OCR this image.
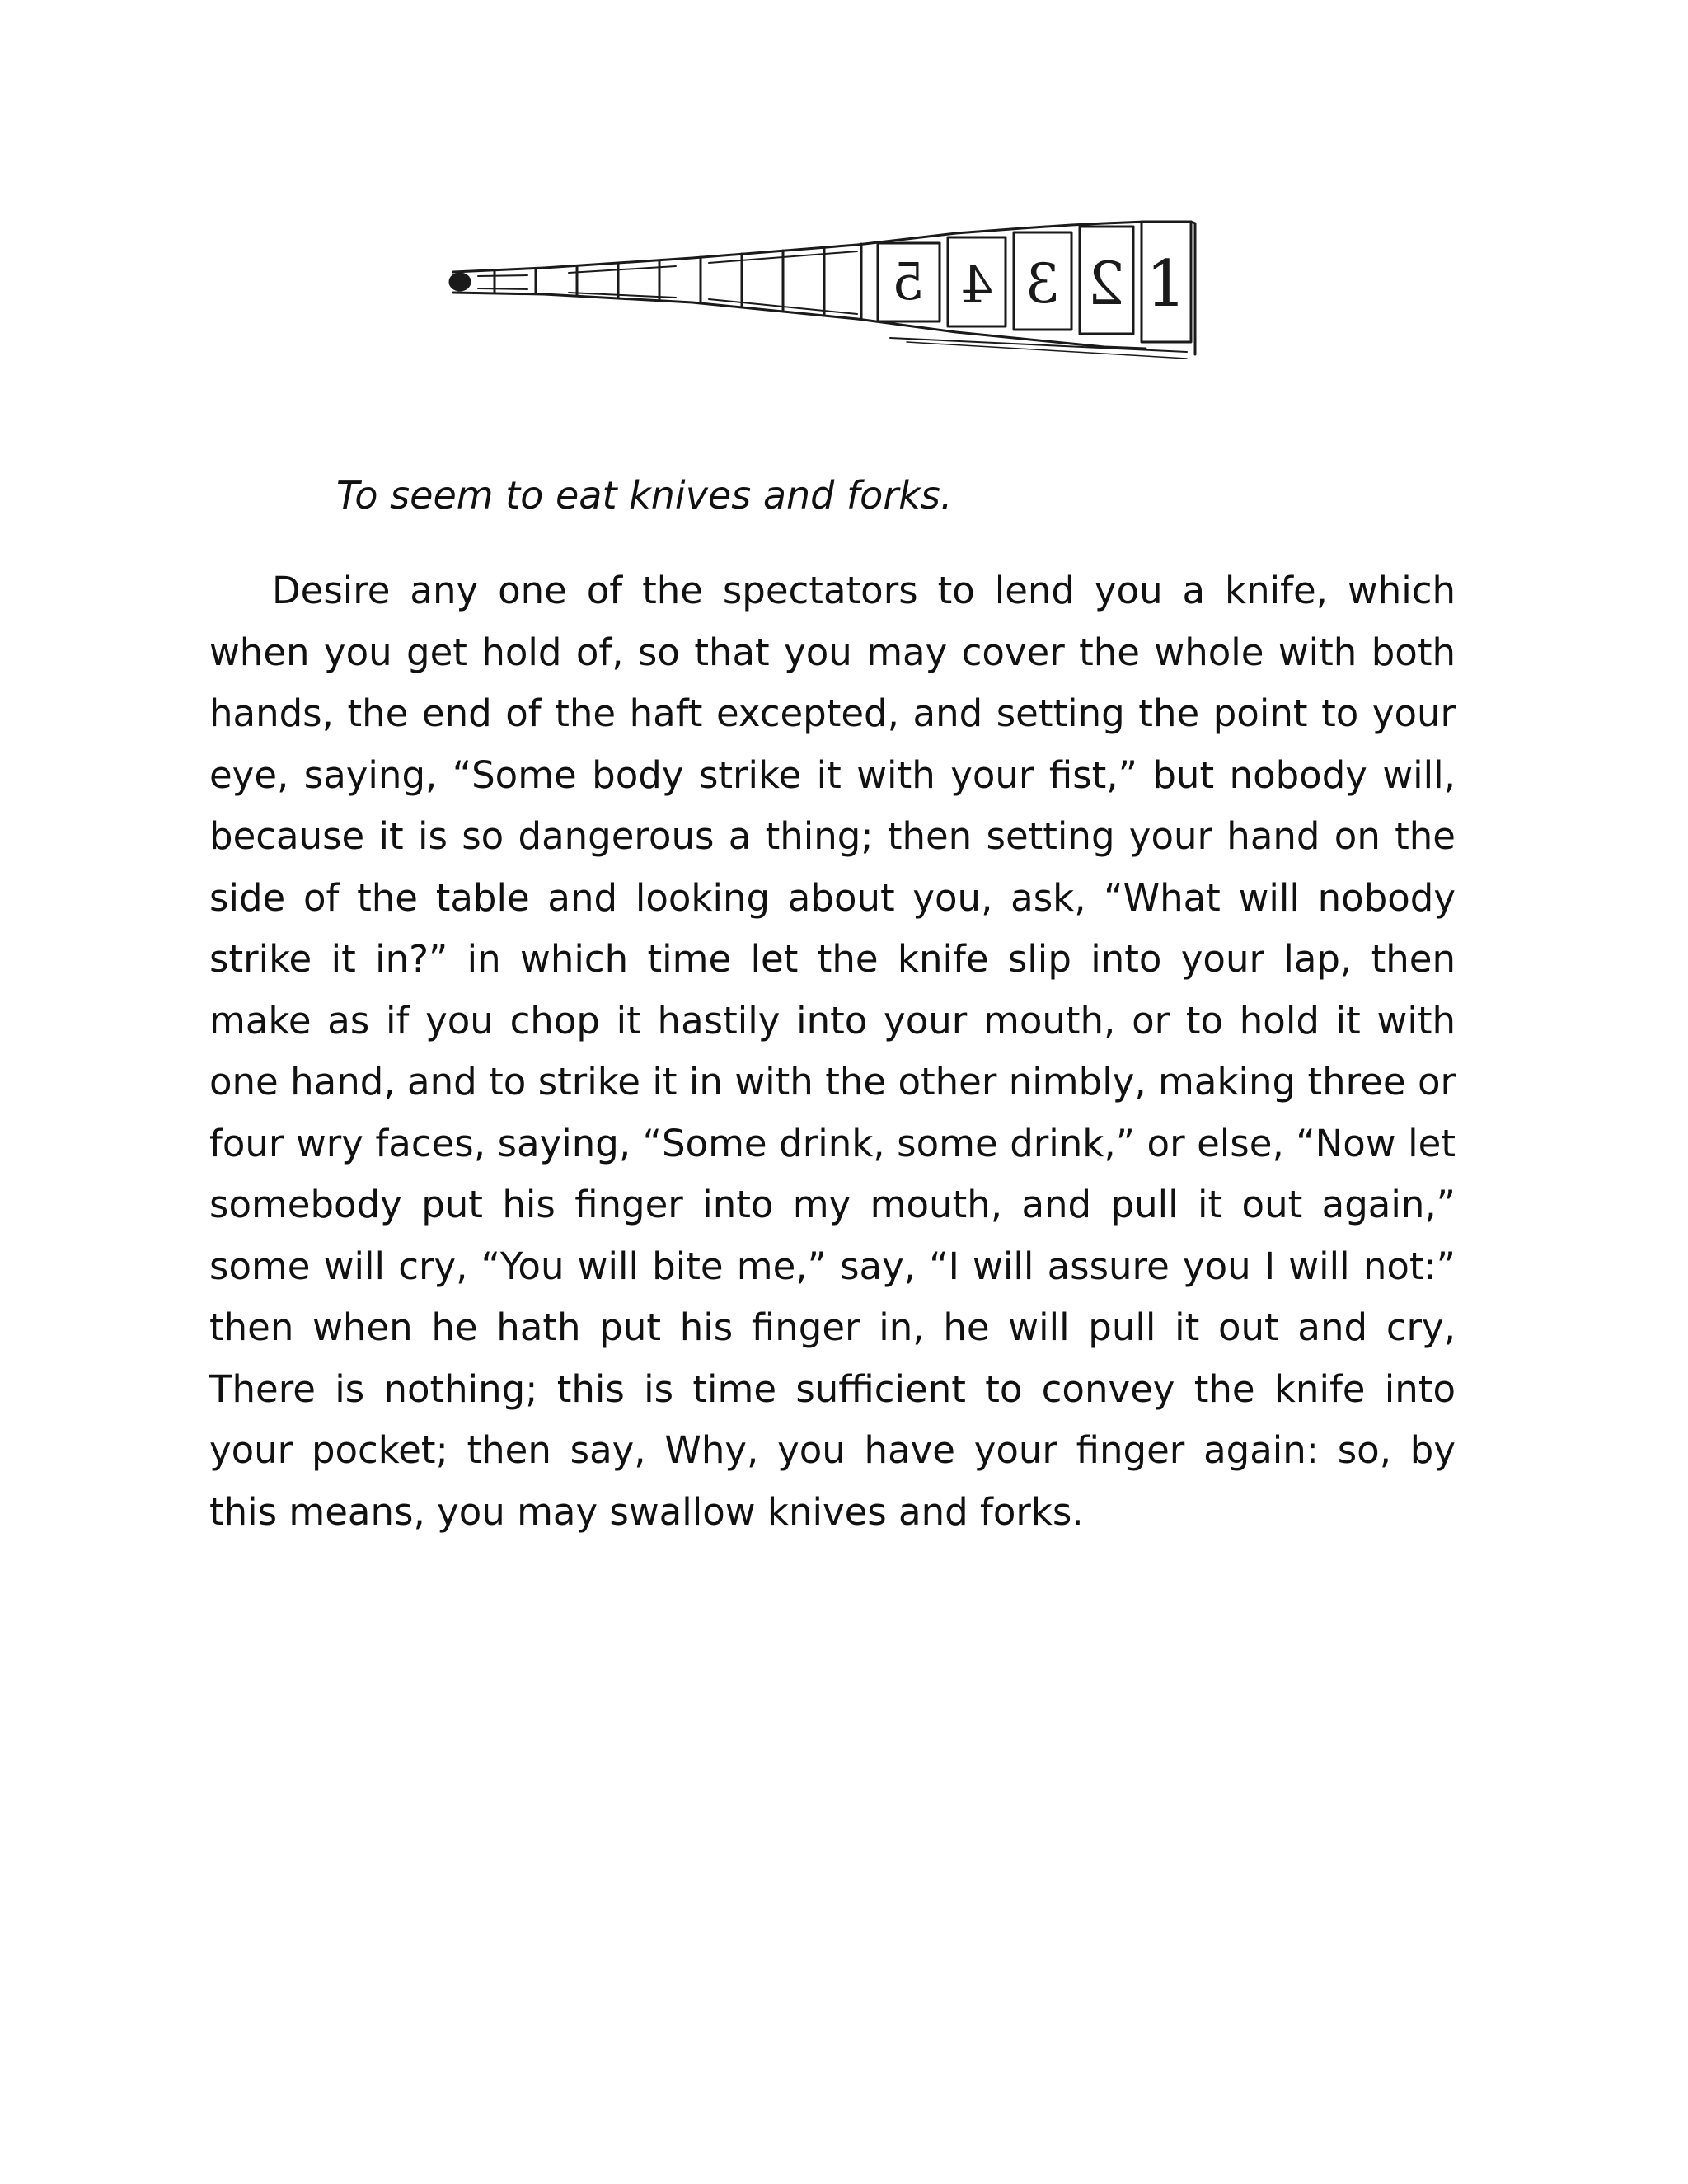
5 4 3 2 1
To seem to eat knives and forks.

Desire any one of the spectators to lend you a knife, which when you get hold of, so that you may cover the whole with both hands, the end of the haft excepted, and setting the point to your eye, saying, “Some body strike it with your fist,” but nobody will, because it is so dangerous a thing; then setting your hand on the side of the table and looking about you, ask, “What will nobody strike it in?” in which time let the knife slip into your lap, then make as if you chop it hastily into your mouth, or to hold it with one hand, and to strike it in with the other nimbly, making three or four wry faces, saying, “Some drink, some drink,” or else, “Now let somebody put his finger into my mouth, and pull it out again,” some will cry, “You will bite me,” say, “I will assure you I will not:” then when he hath put his finger in, he will pull it out and cry, There is nothing; this is time sufficient to convey the knife into your pocket; then say, Why, you have your finger again: so, by this means, you may swallow knives and forks.
